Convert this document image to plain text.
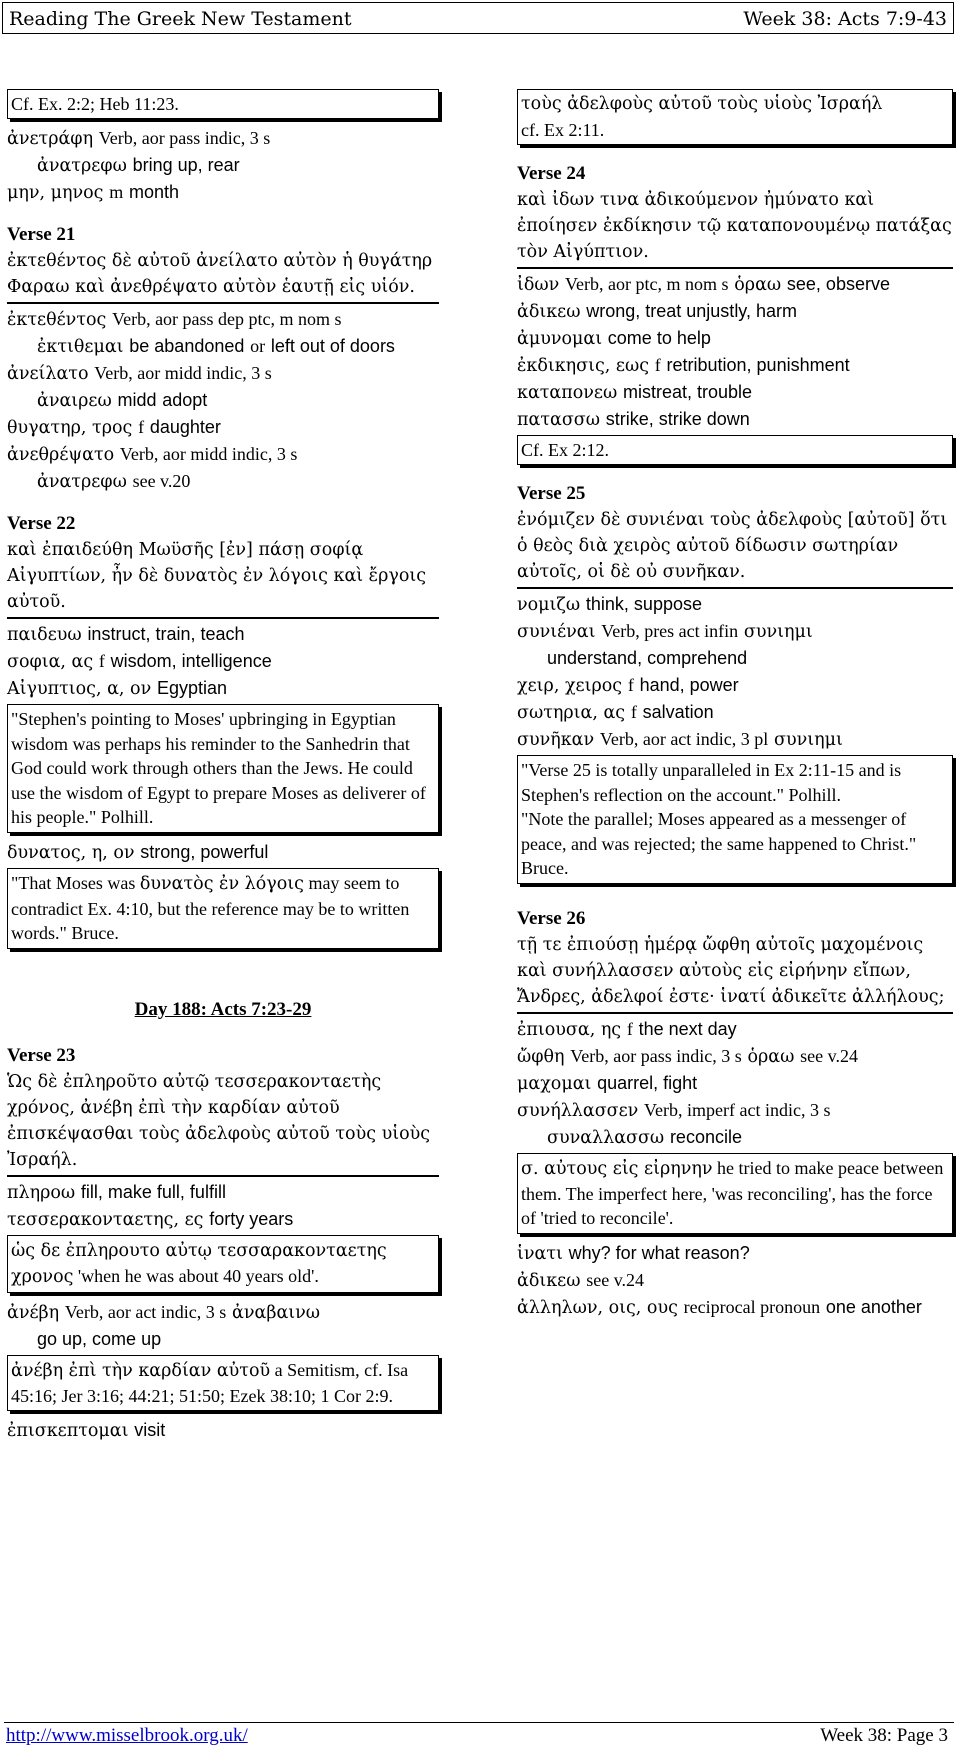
Reading The Greek New Testament	Week 38: Acts 7:9-43
Cf. Ex. 2:2; Heb 11:23.
ἀνετράφη Verb, aor pass indic, 3 s
ἀνατρεφω bring up, rear
μην, μηνος m month
Verse 21
ἐκτεθέντος δὲ αὐτοῦ ἀνείλατο αὐτὸν ἡ θυγάτηρ Φαραω καὶ ἀνεθρέψατο αὐτὸν ἑαυτῇ εἰς υἱόν.
ἐκτεθέντος Verb, aor pass dep ptc, m nom s
ἐκτιθεμαι be abandoned or left out of doors
ἀνείλατο Verb, aor midd indic, 3 s
ἀναιρεω midd adopt
θυγατηρ, τρος f daughter
ἀνεθρέψατο Verb, aor midd indic, 3 s
ἀνατρεφω see v.20
Verse 22
καὶ ἐπαιδεύθη Μωϋσῆς [ἐν] πάσῃ σοφίᾳ Αἰγυπτίων, ἦν δὲ δυνατὸς ἐν λόγοις καὶ ἔργοις αὐτοῦ.
παιδευω instruct, train, teach
σοφια, ας f wisdom, intelligence
Αἰγυπτιος, α, ον Egyptian
"Stephen's pointing to Moses' upbringing in Egyptian wisdom was perhaps his reminder to the Sanhedrin that God could work through others than the Jews. He could use the wisdom of Egypt to prepare Moses as deliverer of his people." Polhill.
δυνατος, η, ον strong, powerful
"That Moses was δυνατὸς ἐν λόγοις may seem to contradict Ex. 4:10, but the reference may be to written words." Bruce.
Day 188: Acts 7:23-29
Verse 23
Ὡς δὲ ἐπληροῦτο αὐτῷ τεσσερακονταετὴς χρόνος, ἀνέβη ἐπὶ τὴν καρδίαν αὐτοῦ ἐπισκέψασθαι τοὺς ἀδελφοὺς αὐτοῦ τοὺς υἱοὺς Ἰσραήλ.
πληροω fill, make full, fulfill
τεσσερακονταετης, ες forty years
ὡς δε ἐπληρουτο αὐτῳ τεσσαρακονταετης χρονος 'when he was about 40 years old'.
ἀνέβη Verb, aor act indic, 3 s ἀναβαινω
go up, come up
ἀνέβη ἐπὶ τὴν καρδίαν αὐτοῦ a Semitism, cf. Isa 45:16; Jer 3:16; 44:21; 51:50; Ezek 38:10; 1 Cor 2:9.
ἐπισκεπτομαι visit
τοὺς ἀδελφοὺς αὐτοῦ τοὺς υἱοὺς Ἰσραήλ
cf. Ex 2:11.
Verse 24
καὶ ἰδων τινα ἀδικούμενον ἠμύνατο καὶ ἐποίησεν ἐκδίκησιν τῷ καταπονουμένῳ πατάξας τὸν Αἰγύπτιον.
ἰδων Verb, aor ptc, m nom s ὁραω see, observe
ἀδικεω wrong, treat unjustly, harm
ἀμυνομαι come to help
ἐκδικησις, εως f retribution, punishment
καταπονεω mistreat, trouble
πατασσω strike, strike down
Cf. Ex 2:12.
Verse 25
ἐνόμιζεν δὲ συνιέναι τοὺς ἀδελφοὺς [αὐτοῦ] ὅτι ὁ θεὸς διὰ χειρὸς αὐτοῦ δίδωσιν σωτηρίαν αὐτοῖς, οἱ δὲ οὐ συνῆκαν.
νομιζω think, suppose
συνιέναι Verb, pres act infin συνιημι
understand, comprehend
χειρ, χειρος f hand, power
σωτηρια, ας f salvation
συνῆκαν Verb, aor act indic, 3 pl συνιημι
"Verse 25 is totally unparalleled in Ex 2:11-15 and is Stephen's reflection on the account." Polhill.
"Note the parallel; Moses appeared as a messenger of peace, and was rejected; the same happened to Christ." Bruce.
Verse 26
τῇ τε ἐπιούσῃ ἡμέρᾳ ὤφθη αὐτοῖς μαχομένοις καὶ συνήλλασσεν αὐτοὺς εἰς εἰρήνην εἴπων, Ἄνδρες, ἀδελφοί ἐστε· ἱνατί ἀδικεῖτε ἀλλήλους;
ἐπιουσα, ης f the next day
ὤφθη Verb, aor pass indic, 3 s ὁραω see v.24
μαχομαι quarrel, fight
συνήλλασσεν Verb, imperf act indic, 3 s
συναλλασσω reconcile
σ. αὐτους εἰς εἰρηνην he tried to make peace between them. The imperfect here, 'was reconciling', has the force of 'tried to reconcile'.
ἱνατι why? for what reason?
ἀδικεω see v.24
ἀλληλων, οις, ους reciprocal pronoun one another
http://www.misselbrook.org.uk/	Week 38: Page 3
